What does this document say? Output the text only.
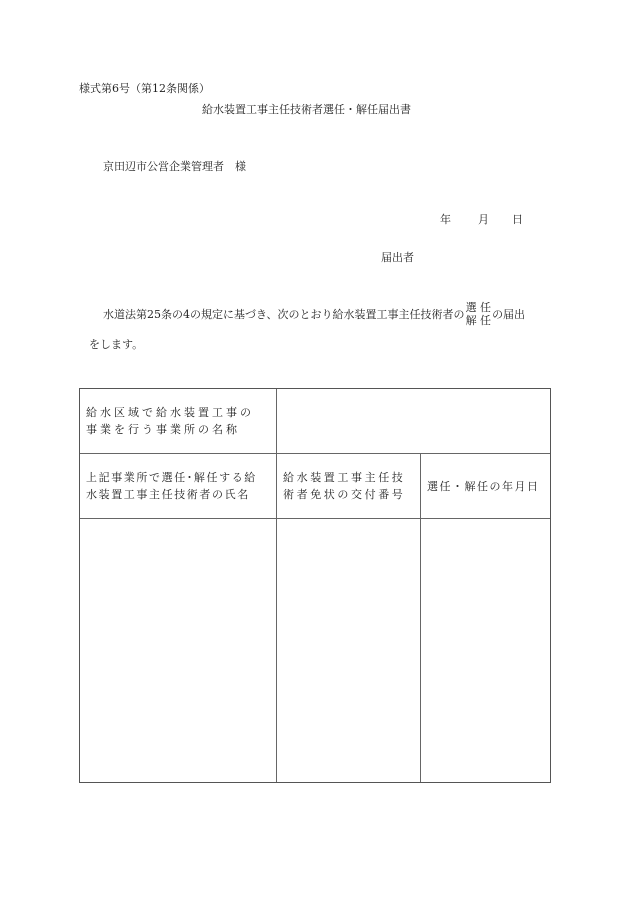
様式第6号（第12条関係）
給水装置工事主任技術者選任・解任届出書
京田辺市公営企業管理者　様
年 月 日
届出者
水道法第25条の4の規定に基づき、次のとおり給水装置工事主任技術者の選 任
解 任の届出
をします。
給水区域で給水装置工事の
事業を行う事業所の名称
上記事業所で選任･解任する給
水装置工事主任技術者の氏名
給水装置工事主任技
術者免状の交付番号
選任・解任の年月日
